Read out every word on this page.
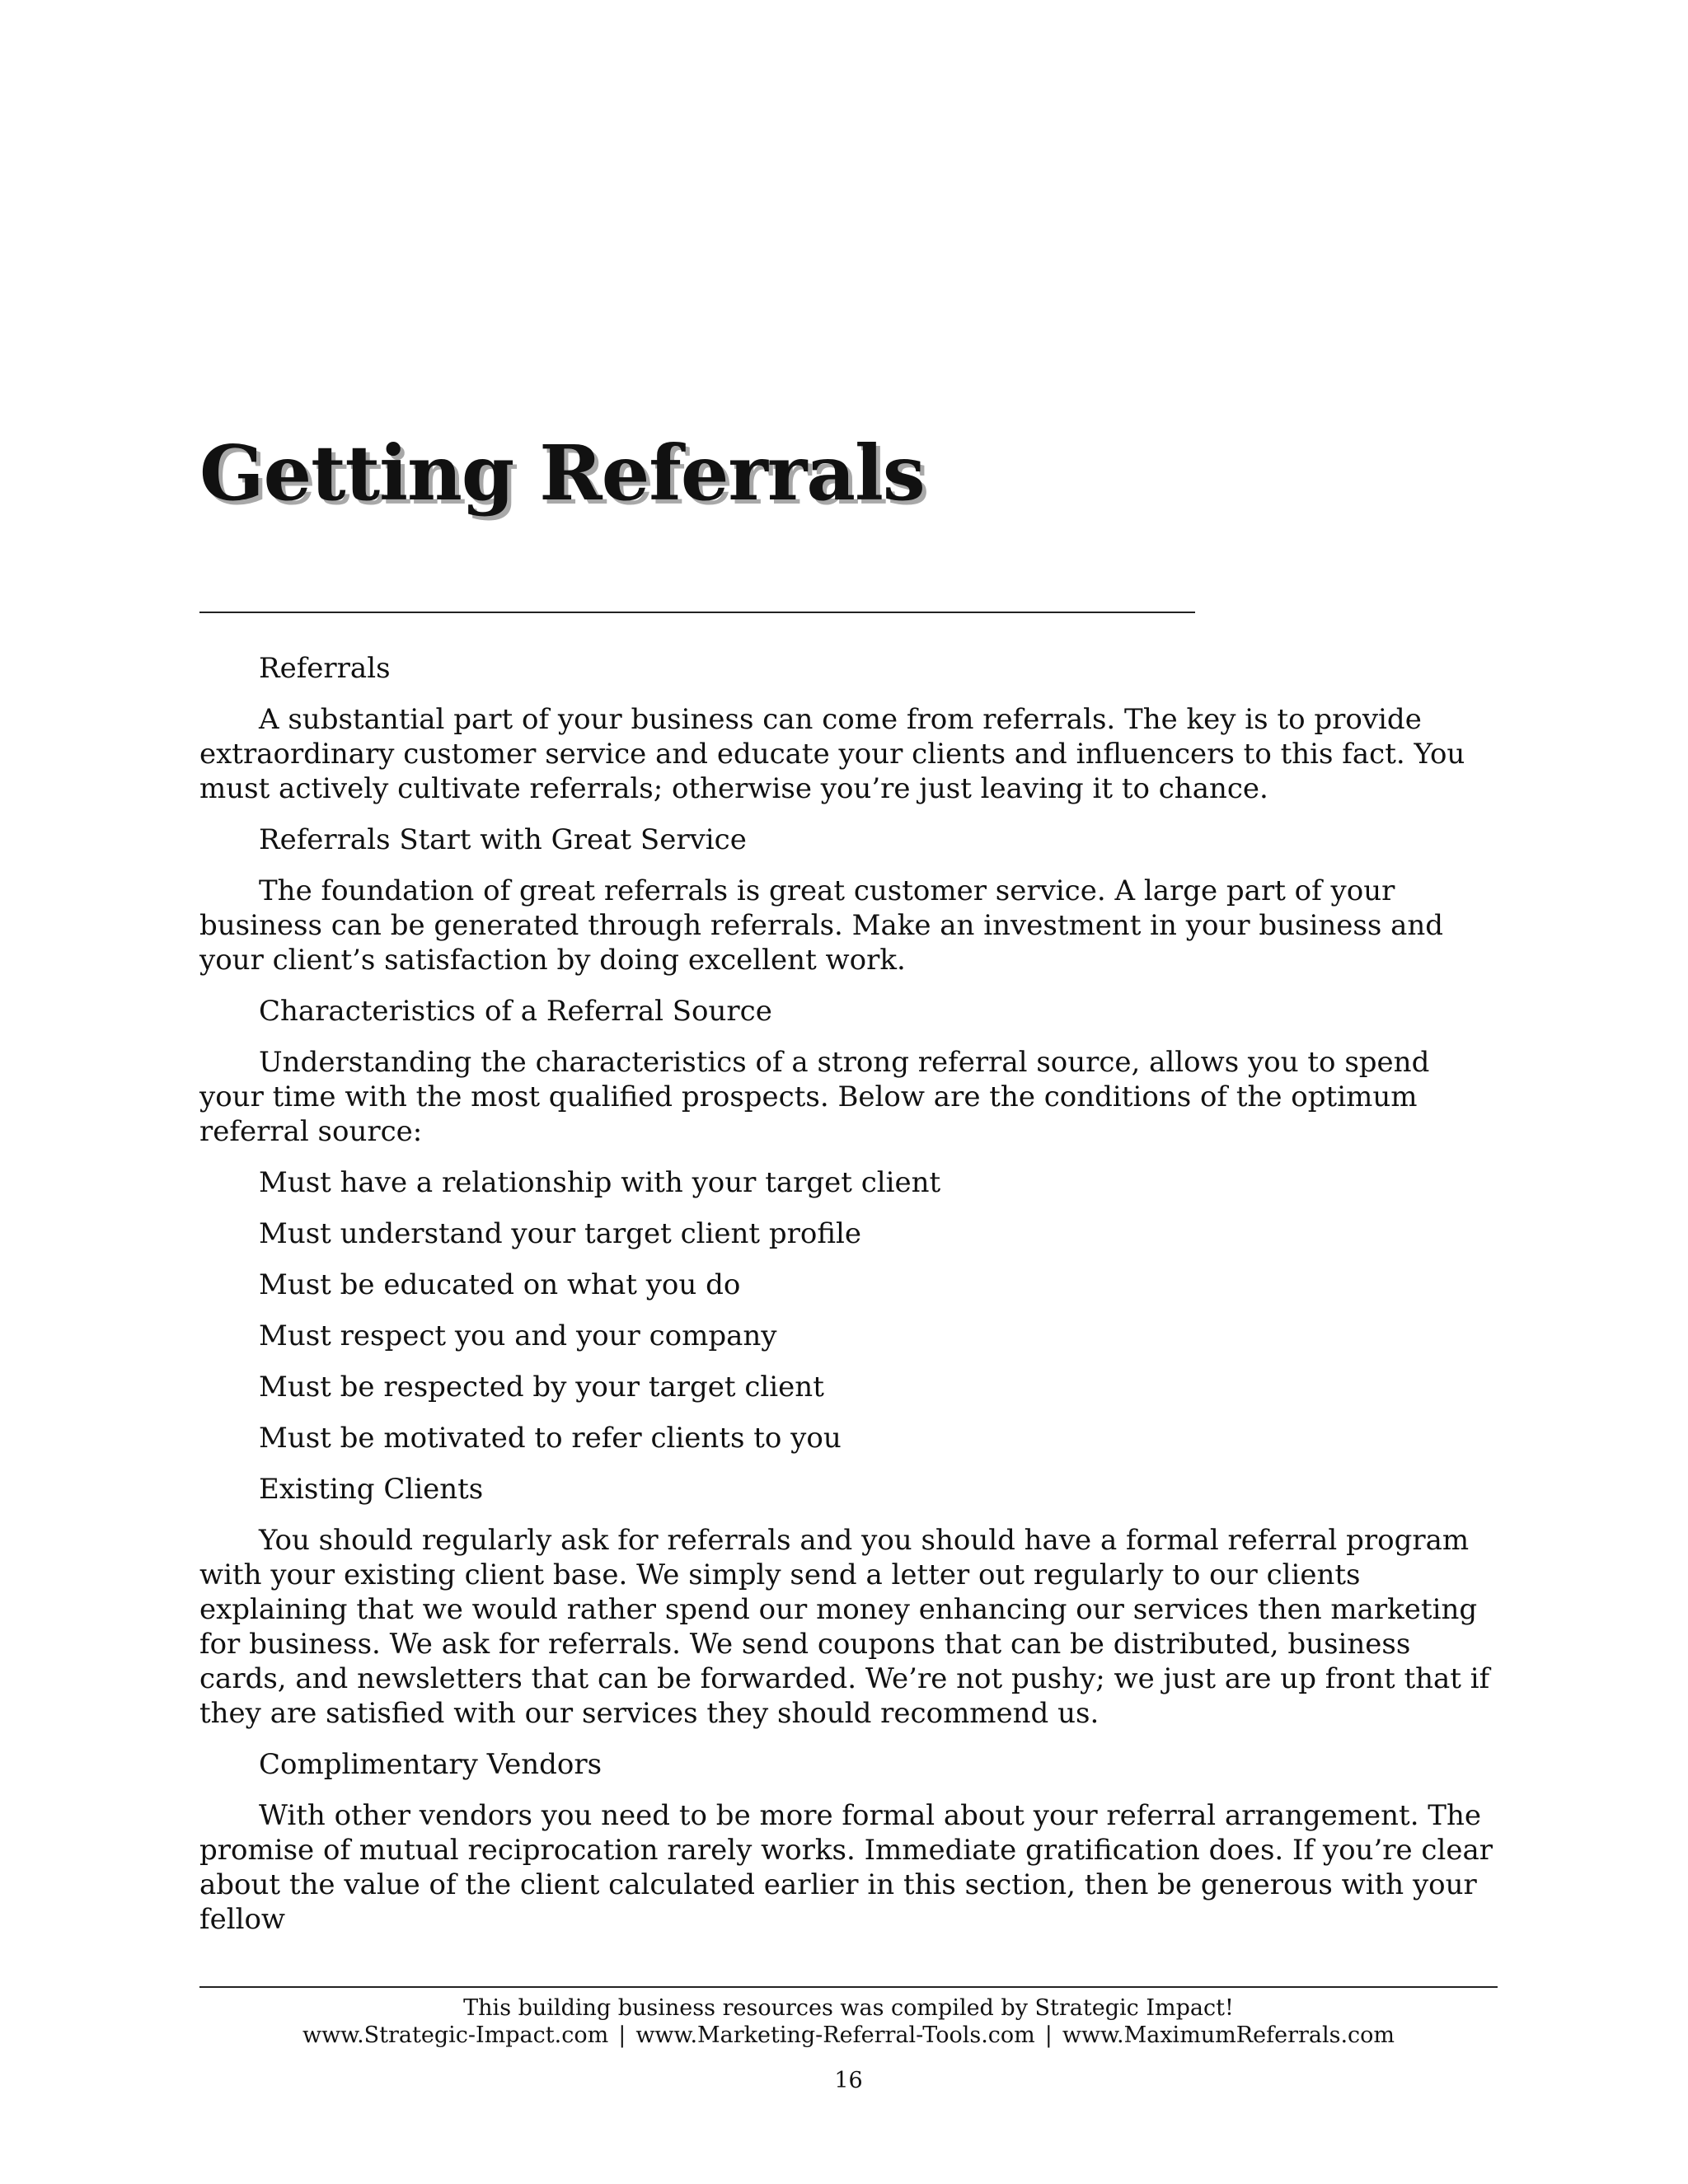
Getting Referrals

Referrals

A substantial part of your business can come from referrals. The key is to provide extraordinary customer service and educate your clients and influencers to this fact. You must actively cultivate referrals; otherwise you’re just leaving it to chance.

Referrals Start with Great Service

The foundation of great referrals is great customer service. A large part of your business can be generated through referrals. Make an investment in your business and your client’s satisfaction by doing excellent work.

Characteristics of a Referral Source

Understanding the characteristics of a strong referral source, allows you to spend your time with the most qualified prospects. Below are the conditions of the optimum referral source:

Must have a relationship with your target client

Must understand your target client profile

Must be educated on what you do

Must respect you and your company

Must be respected by your target client

Must be motivated to refer clients to you

Existing Clients

You should regularly ask for referrals and you should have a formal referral program with your existing client base. We simply send a letter out regularly to our clients explaining that we would rather spend our money enhancing our services then marketing for business. We ask for referrals. We send coupons that can be distributed, business cards, and newsletters that can be forwarded. We’re not pushy; we just are up front that if they are satisfied with our services they should recommend us.

Complimentary Vendors

With other vendors you need to be more formal about your referral arrangement. The promise of mutual reciprocation rarely works. Immediate gratification does. If you’re clear about the value of the client calculated earlier in this section, then be generous with your fellow

This building business resources was compiled by Strategic Impact!
www.Strategic-Impact.com | www.Marketing-Referral-Tools.com | www.MaximumReferrals.com
16
